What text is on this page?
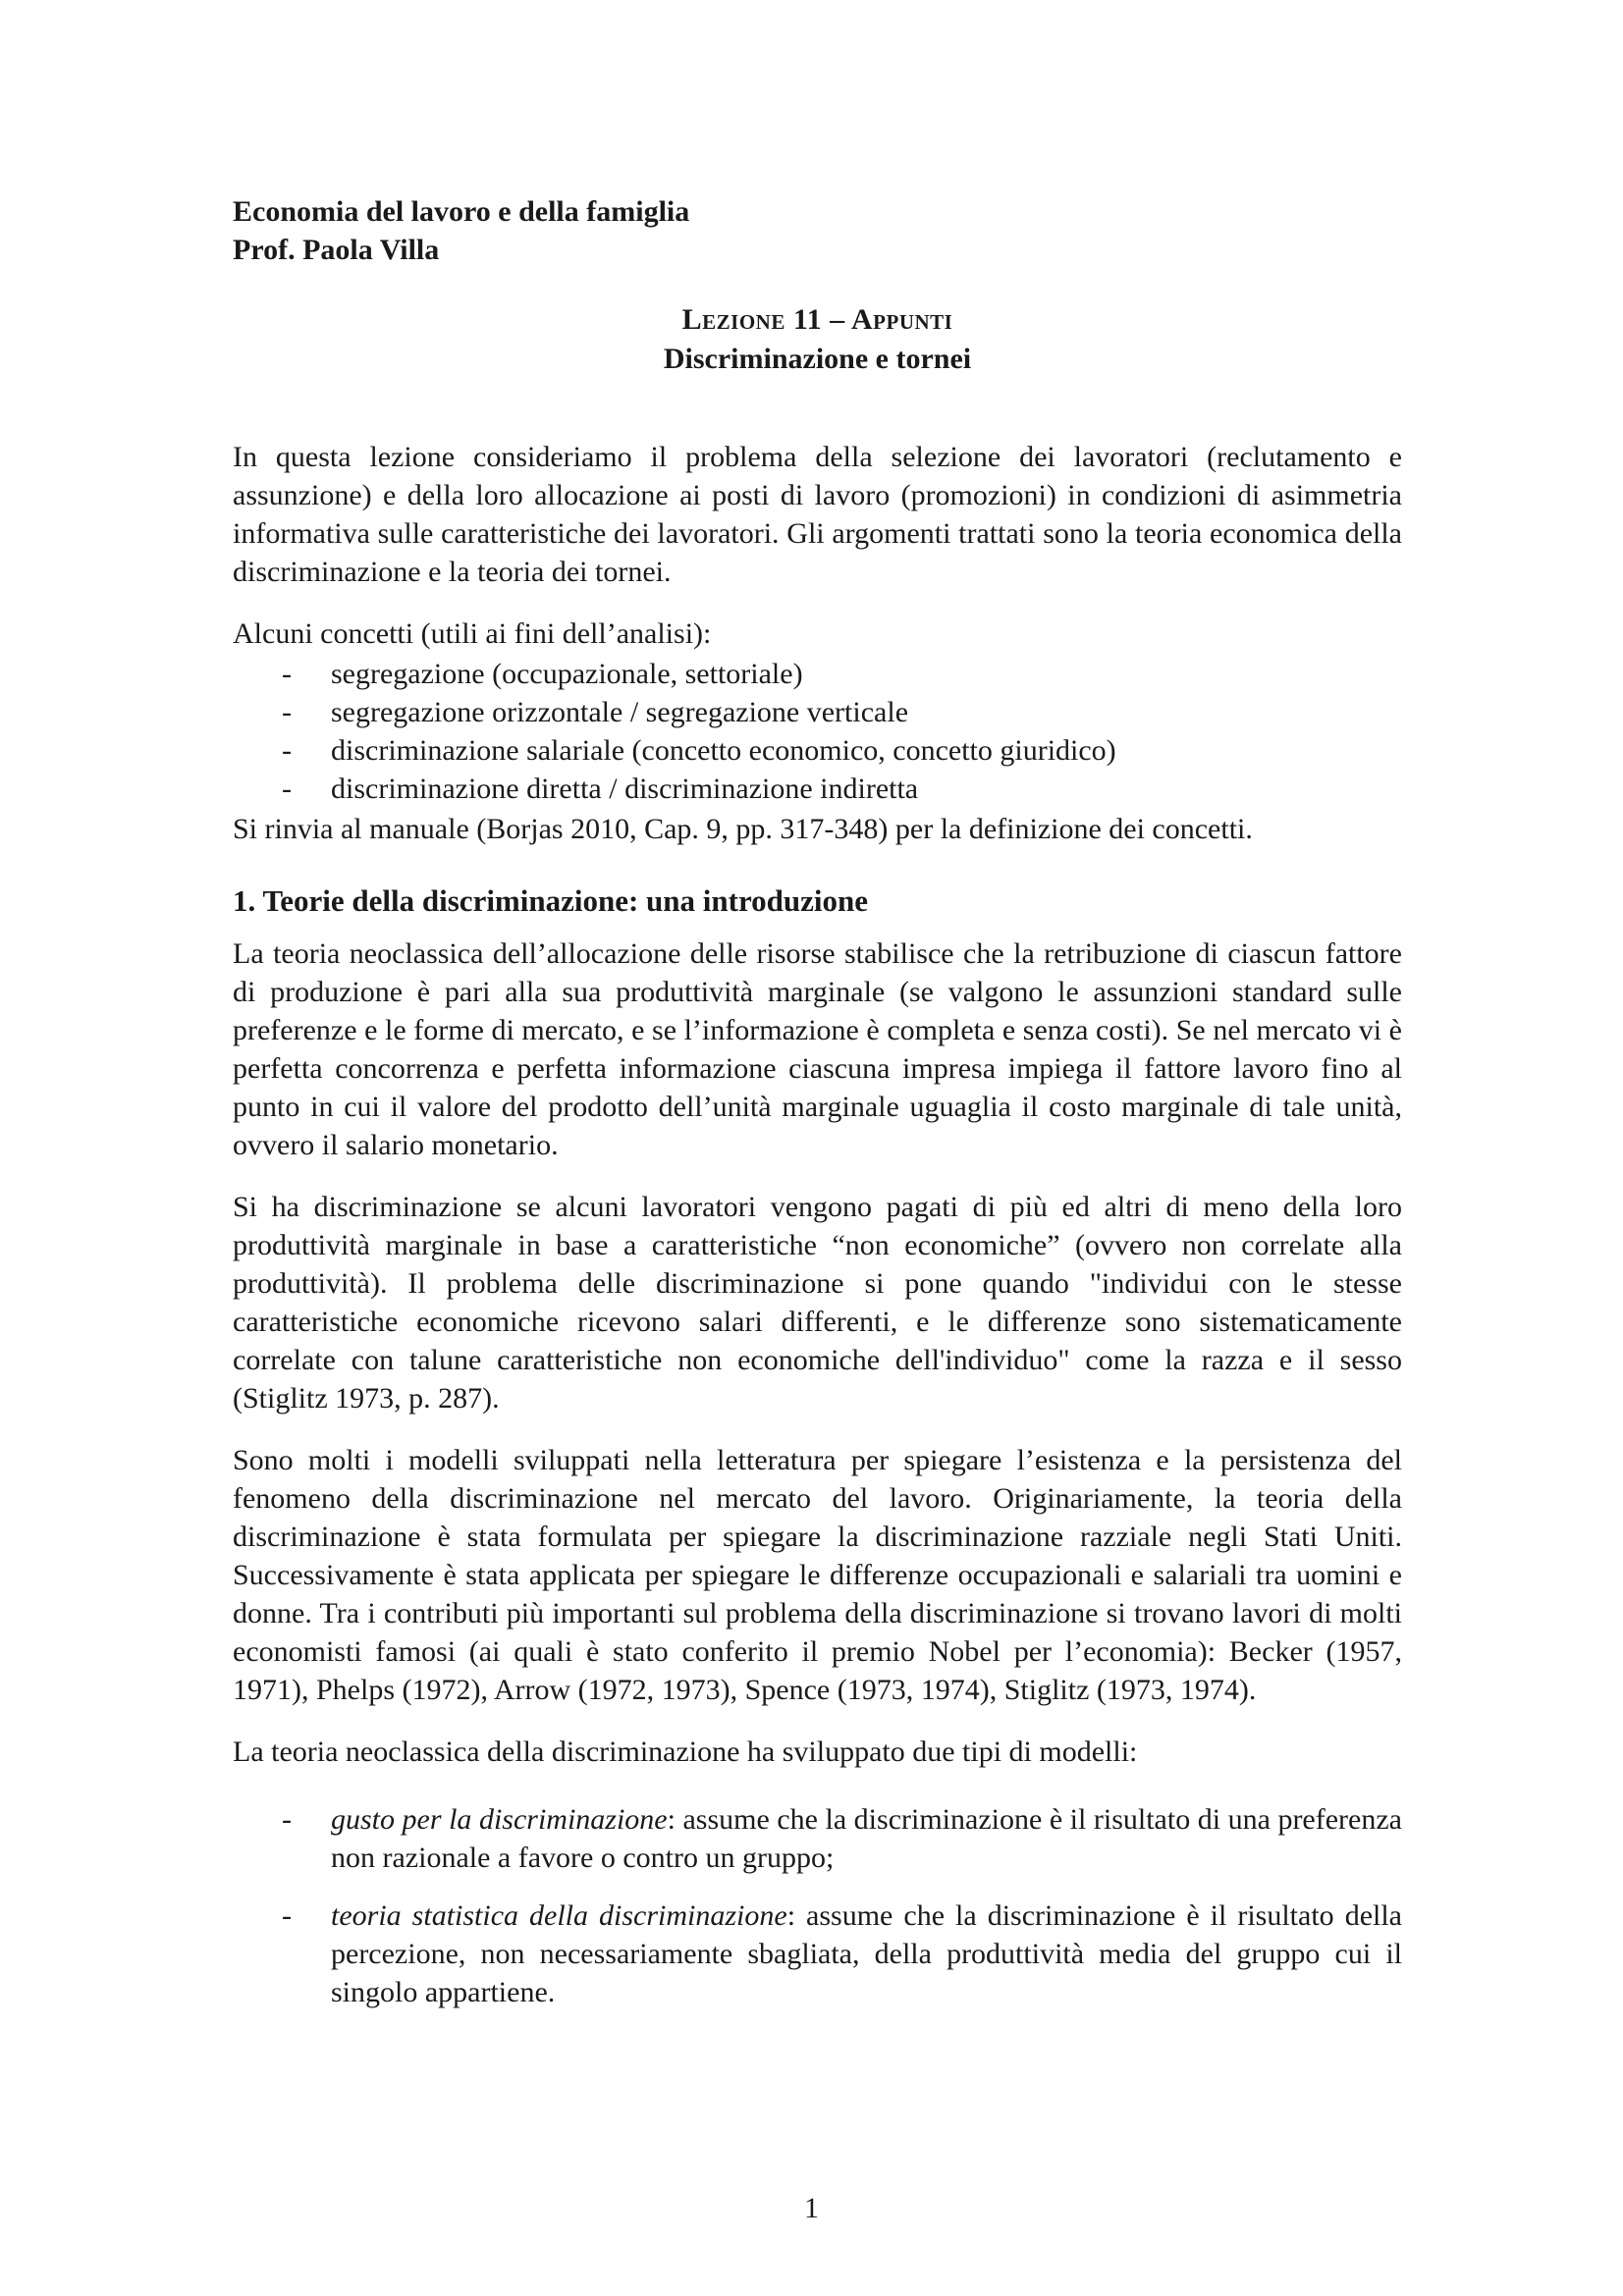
Economia del lavoro e della famiglia

Prof. Paola Villa

Lezione 11 – Appunti

Discriminazione e tornei

In questa lezione consideriamo il problema della selezione dei lavoratori (reclutamento e assunzione) e della loro allocazione ai posti di lavoro (promozioni) in condizioni di asimmetria informativa sulle caratteristiche dei lavoratori. Gli argomenti trattati sono la teoria economica della discriminazione e la teoria dei tornei.

Alcuni concetti (utili ai fini dell’analisi):

-	segregazione (occupazionale, settoriale)
-	segregazione orizzontale / segregazione verticale
-	discriminazione salariale (concetto economico, concetto giuridico)
-	discriminazione diretta / discriminazione indiretta

Si rinvia al manuale (Borjas 2010, Cap. 9, pp. 317-348) per la definizione dei concetti.

1. Teorie della discriminazione: una introduzione

La teoria neoclassica dell’allocazione delle risorse stabilisce che la retribuzione di ciascun fattore di produzione è pari alla sua produttività marginale (se valgono le assunzioni standard sulle preferenze e le forme di mercato, e se l’informazione è completa e senza costi). Se nel mercato vi è perfetta concorrenza e perfetta informazione ciascuna impresa impiega il fattore lavoro fino al punto in cui il valore del prodotto dell’unità marginale uguaglia il costo marginale di tale unità, ovvero il salario monetario.

Si ha discriminazione se alcuni lavoratori vengono pagati di più ed altri di meno della loro produttività marginale in base a caratteristiche “non economiche” (ovvero non correlate alla produttività). Il problema delle discriminazione si pone quando "individui con le stesse caratteristiche economiche ricevono salari differenti, e le differenze sono sistematicamente correlate con talune caratteristiche non economiche dell'individuo" come la razza e il sesso (Stiglitz 1973, p. 287).

Sono molti i modelli sviluppati nella letteratura per spiegare l’esistenza e la persistenza del fenomeno della discriminazione nel mercato del lavoro. Originariamente, la teoria della discriminazione è stata formulata per spiegare la discriminazione razziale negli Stati Uniti. Successivamente è stata applicata per spiegare le differenze occupazionali e salariali tra uomini e donne. Tra i contributi più importanti sul problema della discriminazione si trovano lavori di molti economisti famosi (ai quali è stato conferito il premio Nobel per l’economia): Becker (1957, 1971), Phelps (1972), Arrow (1972, 1973), Spence (1973, 1974), Stiglitz (1973, 1974).

La teoria neoclassica della discriminazione ha sviluppato due tipi di modelli:

-	gusto per la discriminazione: assume che la discriminazione è il risultato di una preferenza non razionale a favore o contro un gruppo;
-	teoria statistica della discriminazione: assume che la discriminazione è il risultato della percezione, non necessariamente sbagliata, della produttività media del gruppo cui il singolo appartiene.
1
